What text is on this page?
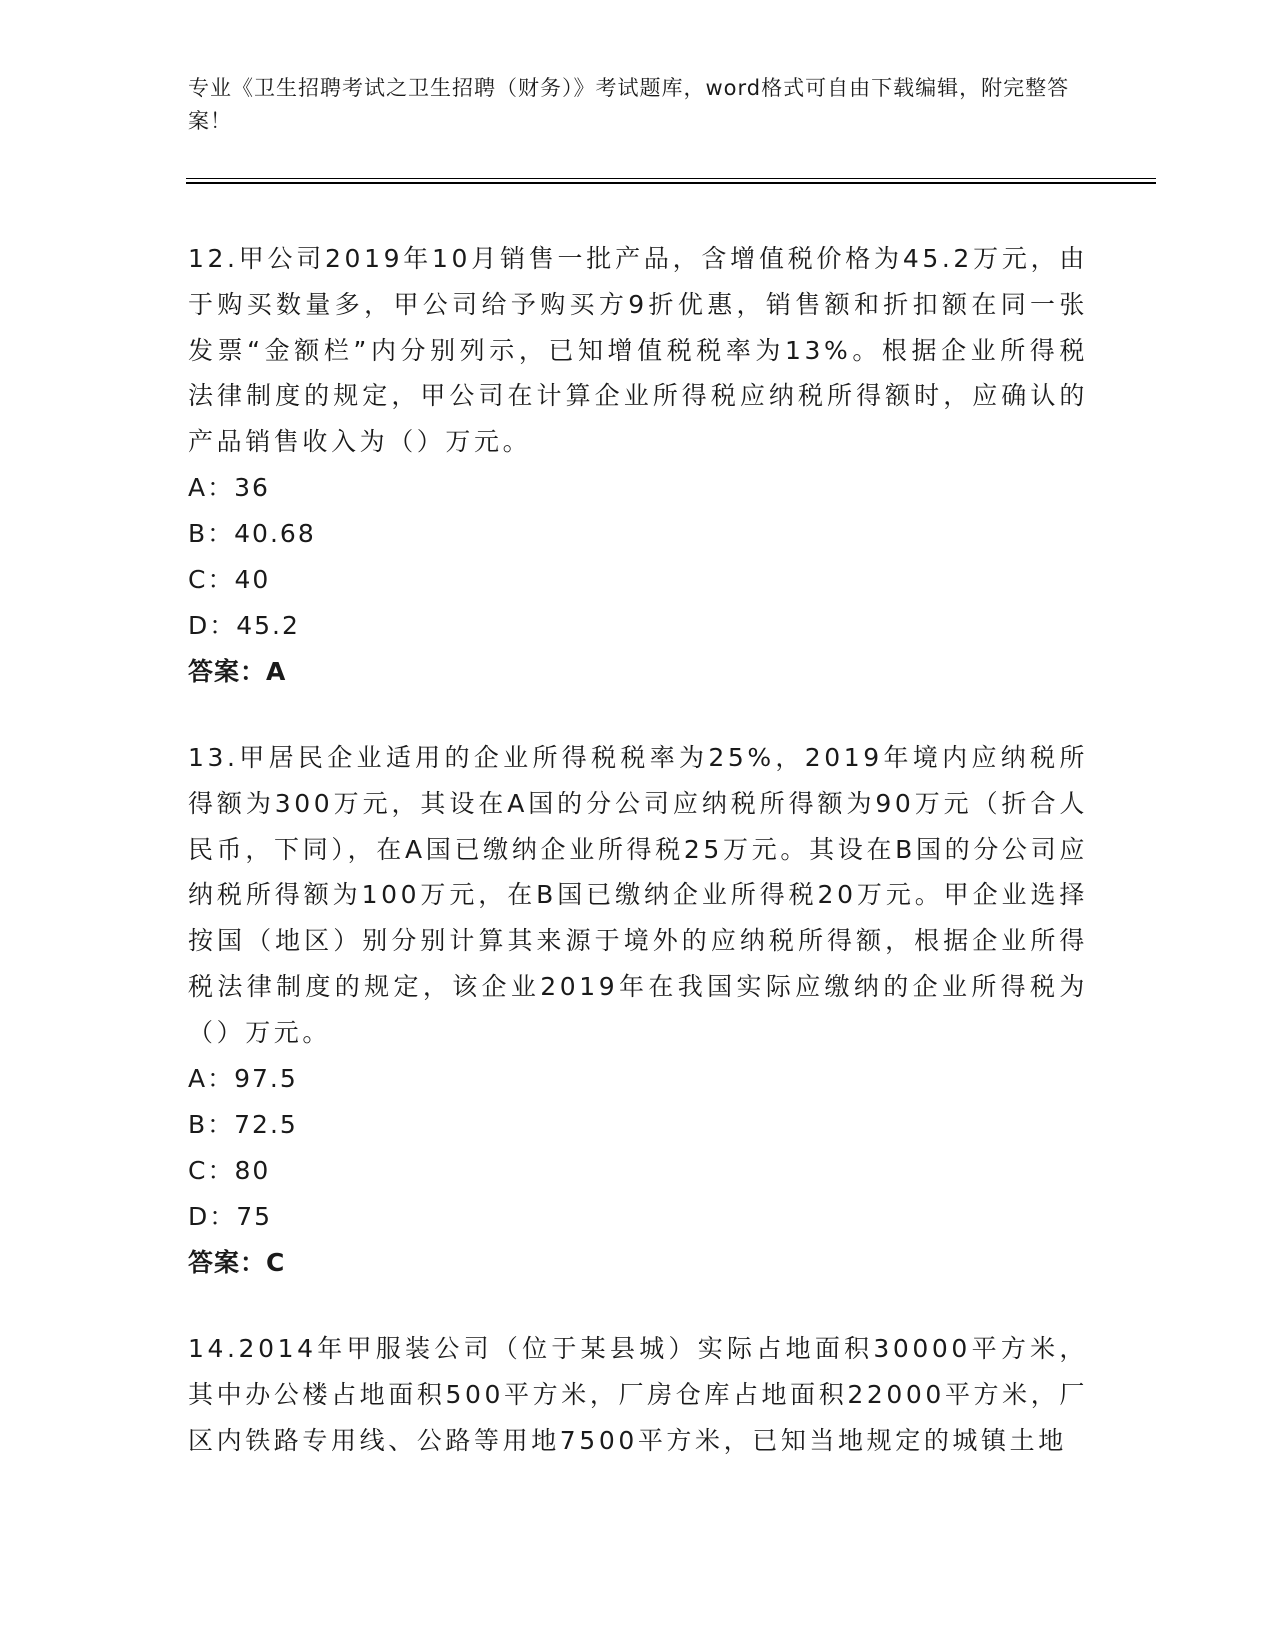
专业《卫生招聘考试之卫生招聘（财务）》考试题库，word格式可自由下载编辑，附完整答案！

12.甲公司2019年10月销售一批产品，含增值税价格为45.2万元，由于购买数量多，甲公司给予购买方9折优惠，销售额和折扣额在同一张发票“金额栏”内分别列示，已知增值税税率为13%。根据企业所得税法律制度的规定，甲公司在计算企业所得税应纳税所得额时，应确认的产品销售收入为（）万元。

A：36
B：40.68
C：40
D：45.2
答案：A

13.甲居民企业适用的企业所得税税率为25%，2019年境内应纳税所得额为300万元，其设在A国的分公司应纳税所得额为90万元（折合人民币，下同），在A国已缴纳企业所得税25万元。其设在B国的分公司应纳税所得额为100万元，在B国已缴纳企业所得税20万元。甲企业选择按国（地区）别分别计算其来源于境外的应纳税所得额，根据企业所得税法律制度的规定，该企业2019年在我国实际应缴纳的企业所得税为（）万元。

A：97.5
B：72.5
C：80
D：75
答案：C

14.2014年甲服装公司（位于某县城）实际占地面积30000平方米，其中办公楼占地面积500平方米，厂房仓库占地面积22000平方米，厂区内铁路专用线、公路等用地7500平方米，已知当地规定的城镇土地
